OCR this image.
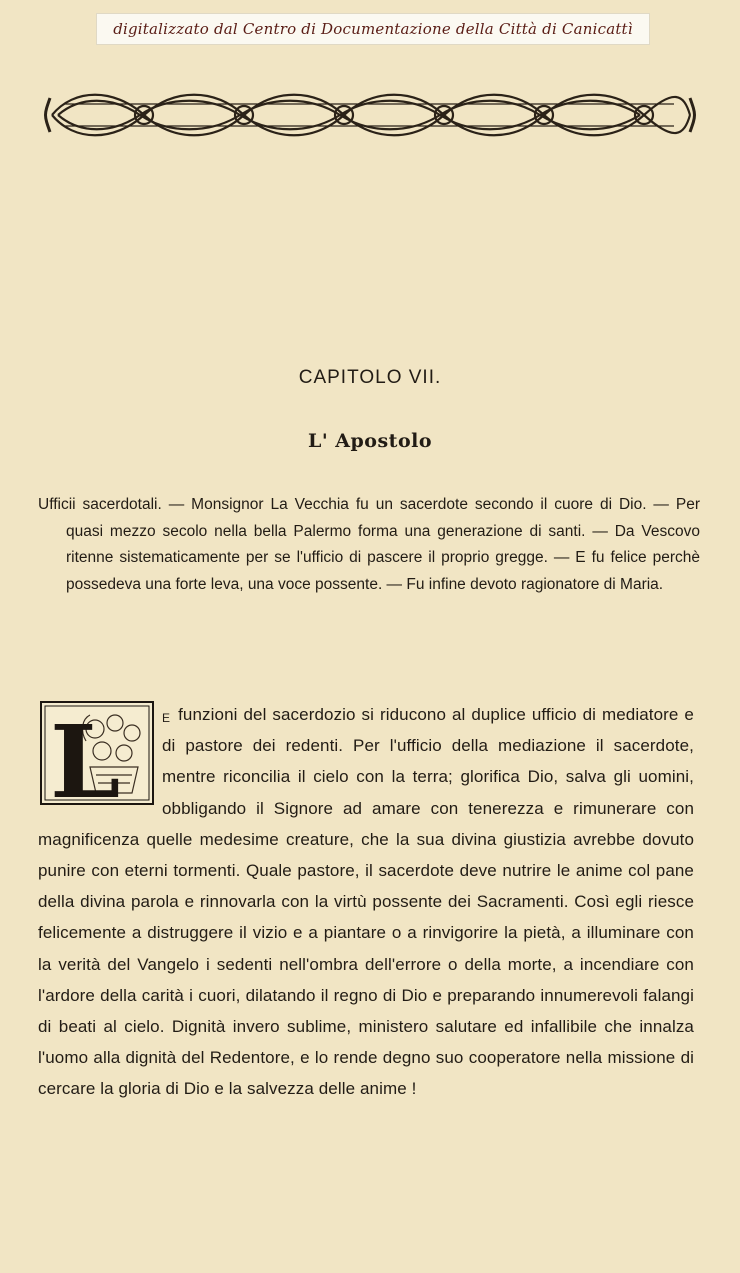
digitalizzato dal Centro di Documentazione della Città di Canicattì
CAPITOLO VII.
L' Apostolo
Ufficii sacerdotali. — Monsignor La Vecchia fu un sacerdote secondo il cuore di Dio. — Per quasi mezzo secolo nella bella Palermo forma una generazione di santi. — Da Vescovo ritenne sistematicamente per se l'ufficio di pascere il proprio gregge. — E fu felice perchè possedeva una forte leva, una voce possente. — Fu infine devoto ragionatore di Maria.
L	$^E$ funzioni del sacerdozio si riducono al duplice ufficio di mediatore e di pastore dei redenti. Per l'ufficio della mediazione il sacerdote, mentre riconcilia il cielo con la terra; glorifica Dio, salva gli uomini, obbligando il Signore ad amare con tenerezza e rimunerare con magnificenza quelle medesime creature, che la sua divina giustizia avrebbe dovuto punire con eterni tormenti. Quale pastore, il sacerdote deve nutrire le anime col pane della divina parola e rinnovarla con la virtù possente dei Sacramenti. Così egli riesce felicemente a distruggere il vizio e a piantare o a rinvigorire la pietà, a illuminare con la verità del Vangelo i sedenti nell'ombra dell'errore o della morte, a incendiare con l'ardore della carità i cuori, dilatando il regno di Dio e preparando innumerevoli falangi di beati al cielo. Dignità invero sublime, ministero salutare ed infallibile che innalza l'uomo alla dignità del Redentore, e lo rende degno suo cooperatore nella missione di cercare la gloria di Dio e la salvezza delle anime !
